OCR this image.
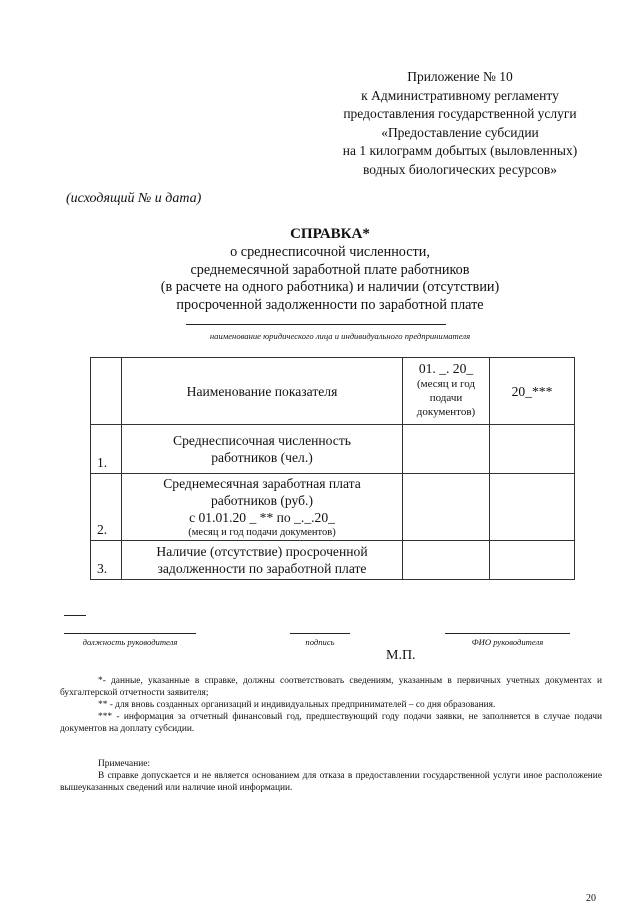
Приложение № 10
к Административному регламенту
предоставления государственной услуги
«Предоставление субсидии
на 1 килограмм добытых (выловленных)
водных биологических ресурсов»
(исходящий № и дата)
СПРАВКА*
о среднесписочной численности,
среднемесячной заработной плате работников
(в расчете на одного работника) и наличии (отсутствии)
просроченной задолженности по заработной плате
наименование юридического лица и индивидуального предпринимателя
	Наименование показателя	01. _. 20_
(месяц и год
подачи
документов)	20_***
1.	Среднесписочная численность
работников (чел.)		

2.	Среднемесячная заработная плата
работников (руб.)
с 01.01.20 _ ** по _._.20_
(месяц и год подачи документов)		

3.	Наличие (отсутствие) просроченной
задолженности по заработной плате		

должность руководителя	подпись	ФИО руководителя
М.П.

*- данные, указанные в справке, должны соответствовать сведениям, указанным в первичных учетных документах и бухгалтерской отчетности заявителя;

** - для вновь созданных организаций и индивидуальных предпринимателей – со дня образования.

*** - информация за отчетный финансовый год, предшествующий году подачи заявки, не заполняется в случае подачи документов на доплату субсидии.

Примечание:

В справке допускается и не является основанием для отказа в предоставлении государственной услуги иное расположение вышеуказанных сведений или наличие иной информации.

20
